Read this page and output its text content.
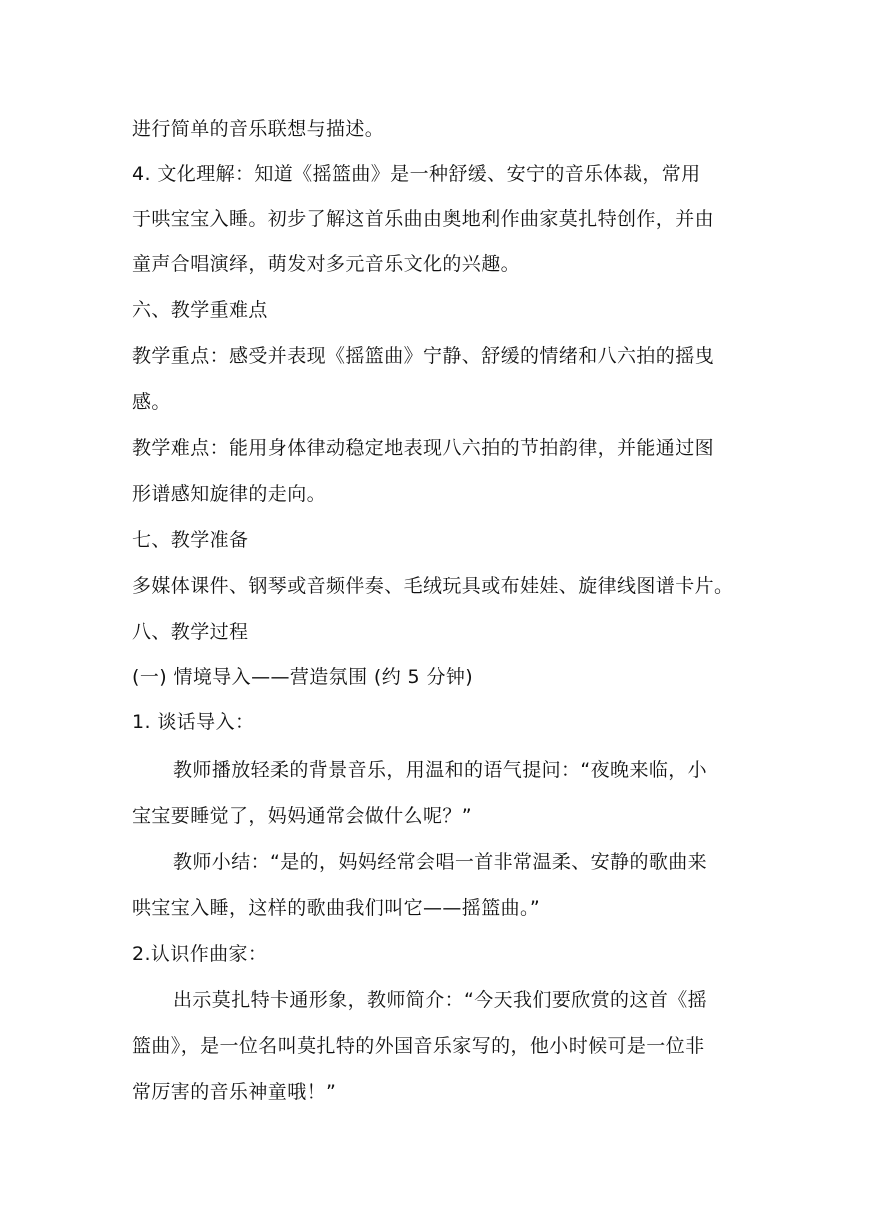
进行简单的音乐联想与描述。
4. 文化理解：知道《摇篮曲》是一种舒缓、安宁的音乐体裁，常用
于哄宝宝入睡。初步了解这首乐曲由奥地利作曲家莫扎特创作，并由
童声合唱演绎，萌发对多元音乐文化的兴趣。
六、教学重难点
教学重点：感受并表现《摇篮曲》宁静、舒缓的情绪和八六拍的摇曳
感。
教学难点：能用身体律动稳定地表现八六拍的节拍韵律，并能通过图
形谱感知旋律的走向。
七、教学准备
多媒体课件、钢琴或音频伴奏、毛绒玩具或布娃娃、旋律线图谱卡片。
八、教学过程
(一) 情境导入——营造氛围 (约 5 分钟)
1. 谈话导入：
教师播放轻柔的背景音乐，用温和的语气提问：“夜晚来临，小
宝宝要睡觉了，妈妈通常会做什么呢？”
教师小结：“是的，妈妈经常会唱一首非常温柔、安静的歌曲来
哄宝宝入睡，这样的歌曲我们叫它——摇篮曲。”
2.认识作曲家：
出示莫扎特卡通形象，教师简介：“今天我们要欣赏的这首《摇
篮曲》，是一位名叫莫扎特的外国音乐家写的，他小时候可是一位非
常厉害的音乐神童哦！”
